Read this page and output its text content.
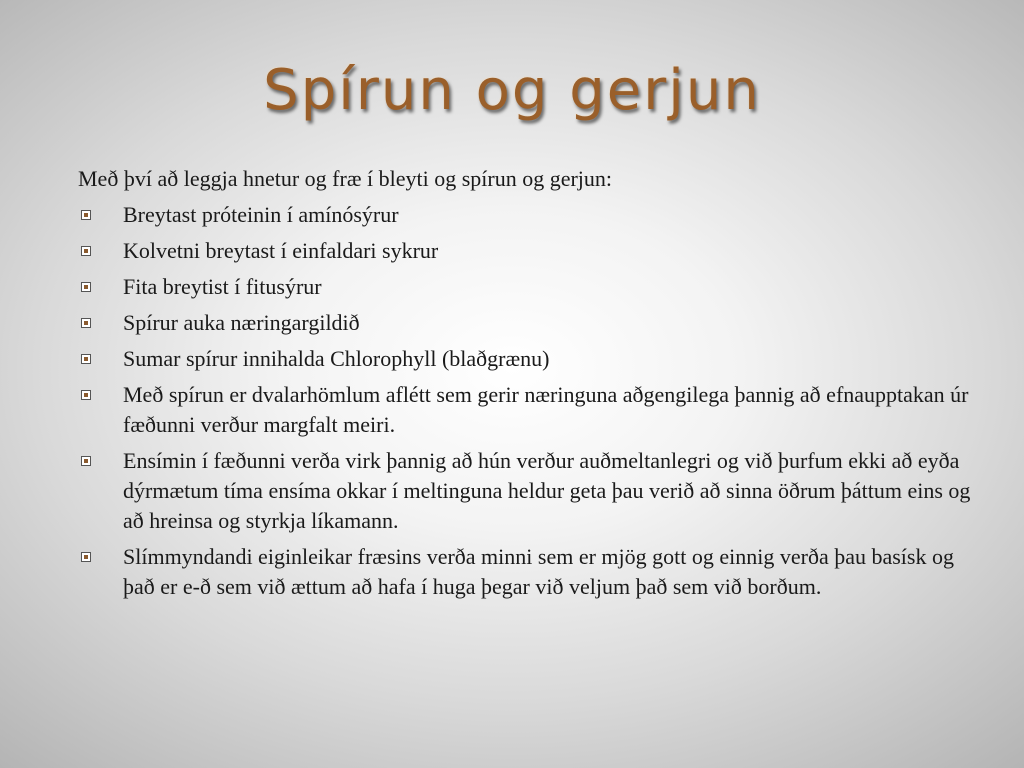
Spírun og gerjun

Með því að leggja hnetur og fræ í bleyti og spírun og gerjun:

Breytast próteinin í amínósýrur
Kolvetni breytast í einfaldari sykrur
Fita breytist í fitusýrur
Spírur auka næringargildið
Sumar spírur innihalda Chlorophyll (blaðgrænu)
Með spírun er dvalarhömlum aflétt sem gerir næringuna aðgengilega þannig að efnaupptakan úr fæðunni verður margfalt meiri.
Ensímin í fæðunni verða virk þannig að hún verður auðmeltanlegri og við þurfum ekki að eyða dýrmætum tíma ensíma okkar í meltinguna heldur geta þau verið að sinna öðrum þáttum eins og að hreinsa og styrkja líkamann.
Slímmyndandi eiginleikar fræsins verða minni sem er mjög gott og einnig verða þau basísk og það er e-ð sem við ættum að hafa í huga þegar við veljum það sem við borðum.
